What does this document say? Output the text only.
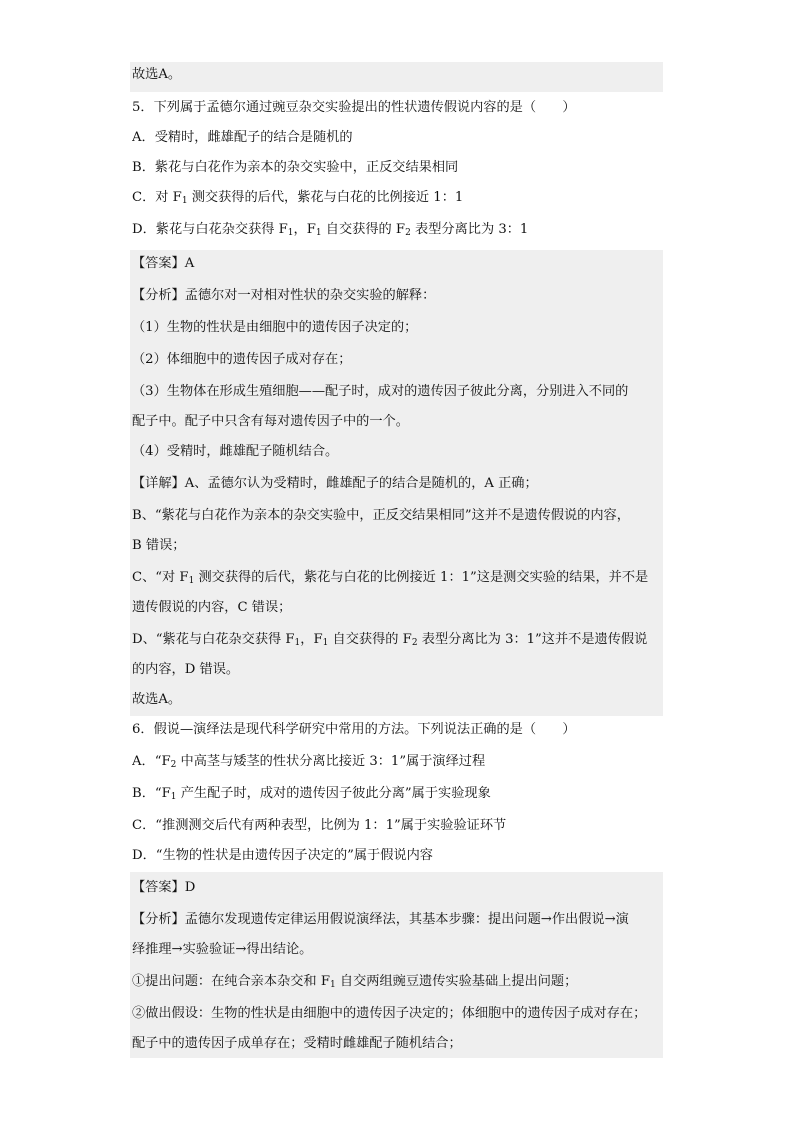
故选A。
5．下列属于孟德尔通过豌豆杂交实验提出的性状遗传假说内容的是（　　）
A．受精时，雌雄配子的结合是随机的
B．紫花与白花作为亲本的杂交实验中，正反交结果相同
C．对 $F_1$ 测交获得的后代，紫花与白花的比例接近 1：1
D．紫花与白花杂交获得 $F_1$，$F_1$ 自交获得的 $F_2$ 表型分离比为 3：1
【答案】A
【分析】孟德尔对一对相对性状的杂交实验的解释：
（1）生物的性状是由细胞中的遗传因子决定的；
（2）体细胞中的遗传因子成对存在；
（3）生物体在形成生殖细胞——配子时，成对的遗传因子彼此分离，分别进入不同的
配子中。配子中只含有每对遗传因子中的一个。
（4）受精时，雌雄配子随机结合。
【详解】A、孟德尔认为受精时，雌雄配子的结合是随机的，A 正确；
B、“紫花与白花作为亲本的杂交实验中，正反交结果相同”这并不是遗传假说的内容，
B 错误；
C、“对 $F_1$ 测交获得的后代，紫花与白花的比例接近 1：1”这是测交实验的结果，并不是
遗传假说的内容，C 错误；
D、“紫花与白花杂交获得 $F_1$，$F_1$ 自交获得的 $F_2$ 表型分离比为 3：1”这并不是遗传假说
的内容，D 错误。
故选A。
6．假说—演绎法是现代科学研究中常用的方法。下列说法正确的是（　　）
A．“$F_2$ 中高茎与矮茎的性状分离比接近 3：1”属于演绎过程
B．“$F_1$ 产生配子时，成对的遗传因子彼此分离”属于实验现象
C．“推测测交后代有两种表型，比例为 1：1”属于实验验证环节
D．“生物的性状是由遗传因子决定的”属于假说内容
【答案】D
【分析】孟德尔发现遗传定律运用假说演绎法，其基本步骤：提出问题→作出假说→演
绎推理→实验验证→得出结论。
①提出问题：在纯合亲本杂交和 $F_1$ 自交两组豌豆遗传实验基础上提出问题；
②做出假设：生物的性状是由细胞中的遗传因子决定的；体细胞中的遗传因子成对存在；
配子中的遗传因子成单存在；受精时雌雄配子随机结合；
